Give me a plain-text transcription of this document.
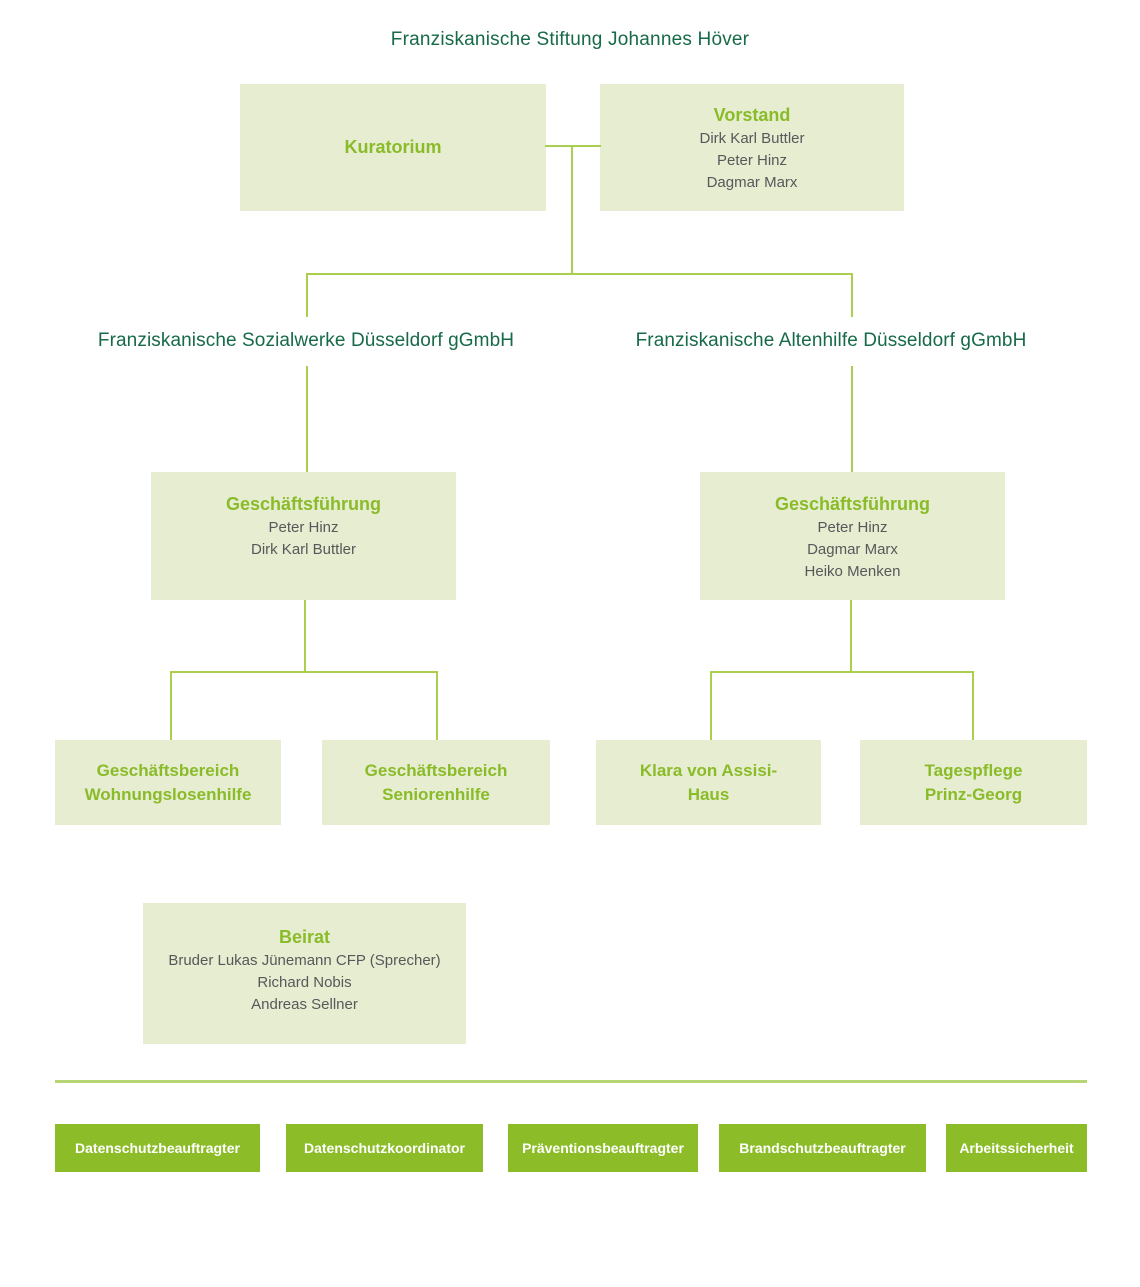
Franziskanische Stiftung Johannes Höver
Kuratorium
Vorstand
Dirk Karl Buttler
Peter Hinz
Dagmar Marx
Franziskanische Sozialwerke Düsseldorf gGmbH	Franziskanische Altenhilfe Düsseldorf gGmbH
Geschäftsführung
Peter Hinz
Dirk Karl Buttler
Geschäftsführung
Peter Hinz
Dagmar Marx
Heiko Menken
Geschäftsbereich
Wohnungslosenhilfe
Geschäftsbereich
Seniorenhilfe
Klara von Assisi-
Haus
Tagespflege
Prinz-Georg
Beirat
Bruder Lukas Jünemann CFP (Sprecher)
Richard Nobis
Andreas Sellner
Datenschutzbeauftragter	Datenschutzkoordinator	Präventionsbeauftragter	Brandschutzbeauftragter	Arbeitssicherheit
